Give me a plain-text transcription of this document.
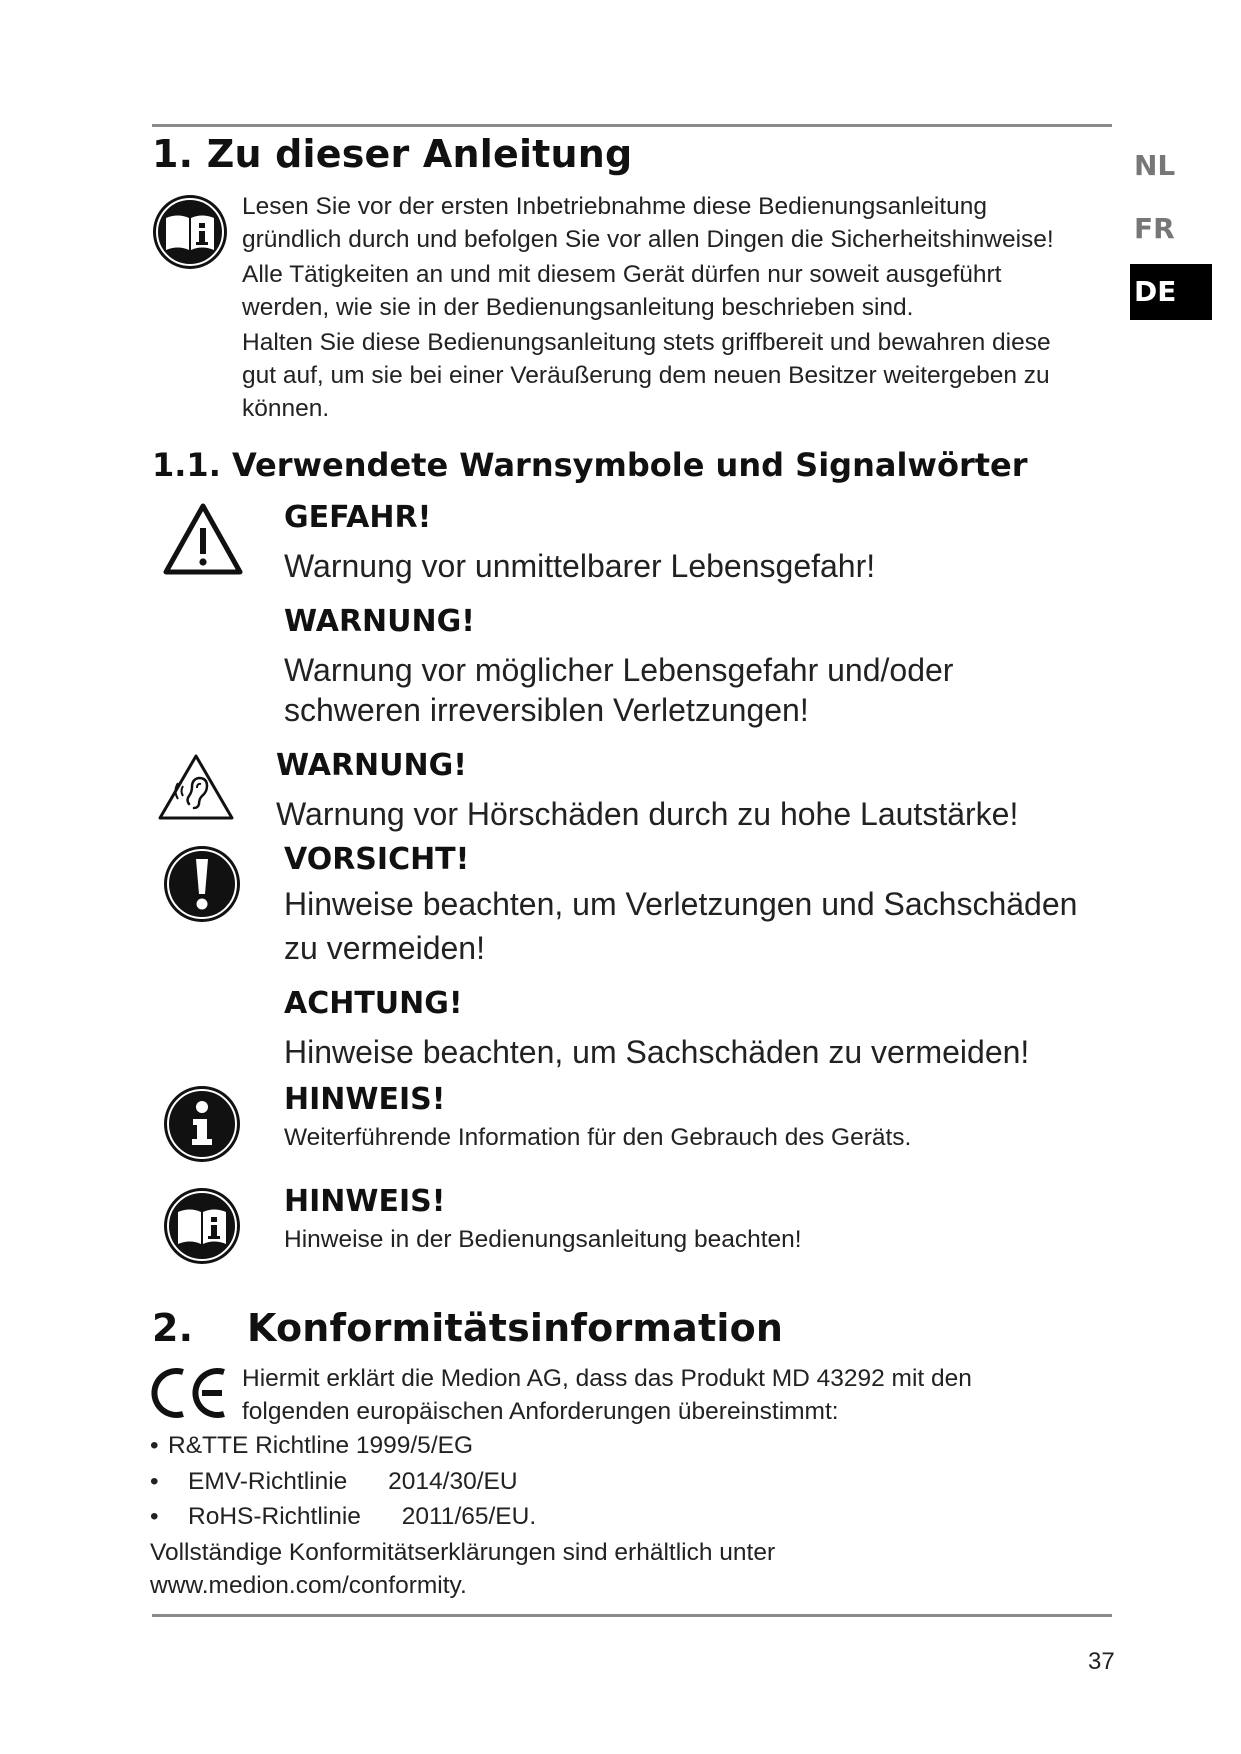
NL
FR
DE
1. Zu dieser Anleitung
Lesen Sie vor der ersten Inbetriebnahme diese Bedienungsanleitung
gründlich durch und befolgen Sie vor allen Dingen die Sicherheitshinweise!
Alle Tätigkeiten an und mit diesem Gerät dürfen nur soweit ausgeführt
werden, wie sie in der Bedienungsanleitung beschrieben sind.
Halten Sie diese Bedienungsanleitung stets griffbereit und bewahren diese
gut auf, um sie bei einer Veräußerung dem neuen Besitzer weitergeben zu
können.
1.1. Verwendete Warnsymbole und Signalwörter
GEFAHR!
Warnung vor unmittelbarer Lebensgefahr!
WARNUNG!
Warnung vor möglicher Lebensgefahr und/oder
schweren irreversiblen Verletzungen!
WARNUNG!
Warnung vor Hörschäden durch zu hohe Lautstärke!
VORSICHT!
Hinweise beachten, um Verletzungen und Sachschäden
zu vermeiden!
ACHTUNG!
Hinweise beachten, um Sachschäden zu vermeiden!
HINWEIS!
Weiterführende Information für den Gebrauch des Geräts.
HINWEIS!
Hinweise in der Bedienungsanleitung beachten!
2.    Konformitätsinformation
Hiermit erklärt die Medion AG, dass das Produkt MD 43292 mit den
folgenden europäischen Anforderungen übereinstimmt:
• R&TTE Richtline 1999/5/EG
• EMV-Richtlinie      2014/30/EU
• RoHS-Richtlinie      2011/65/EU.
Vollständige Konformitätserklärungen sind erhältlich unter
www.medion.com/conformity.
37
